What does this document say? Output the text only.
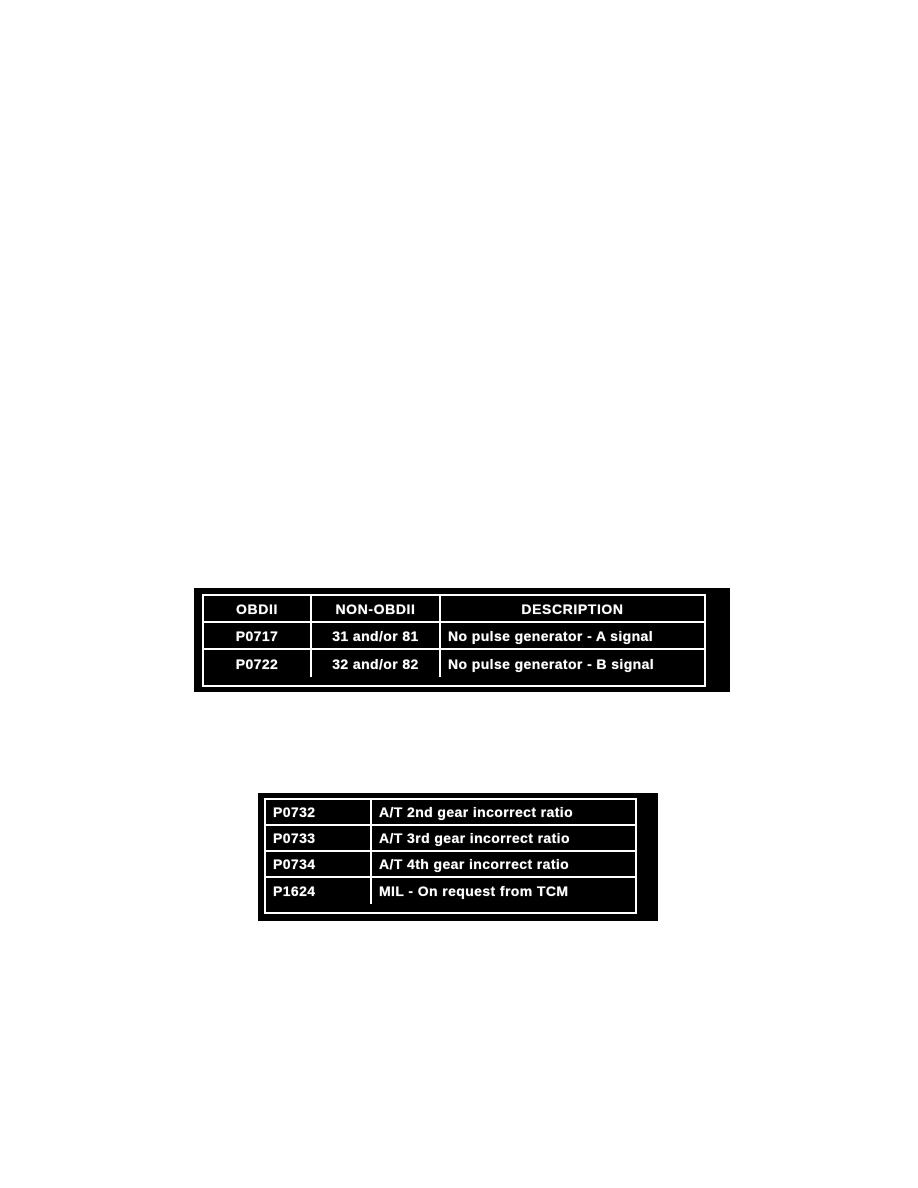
OBDII	NON-OBDII	DESCRIPTION
P0717	31 and/or 81	No pulse generator - A signal
P0722	32 and/or 82	No pulse generator - B signal
P0732	A/T 2nd gear incorrect ratio
P0733	A/T 3rd gear incorrect ratio
P0734	A/T 4th gear incorrect ratio
P1624	MIL - On request from TCM
